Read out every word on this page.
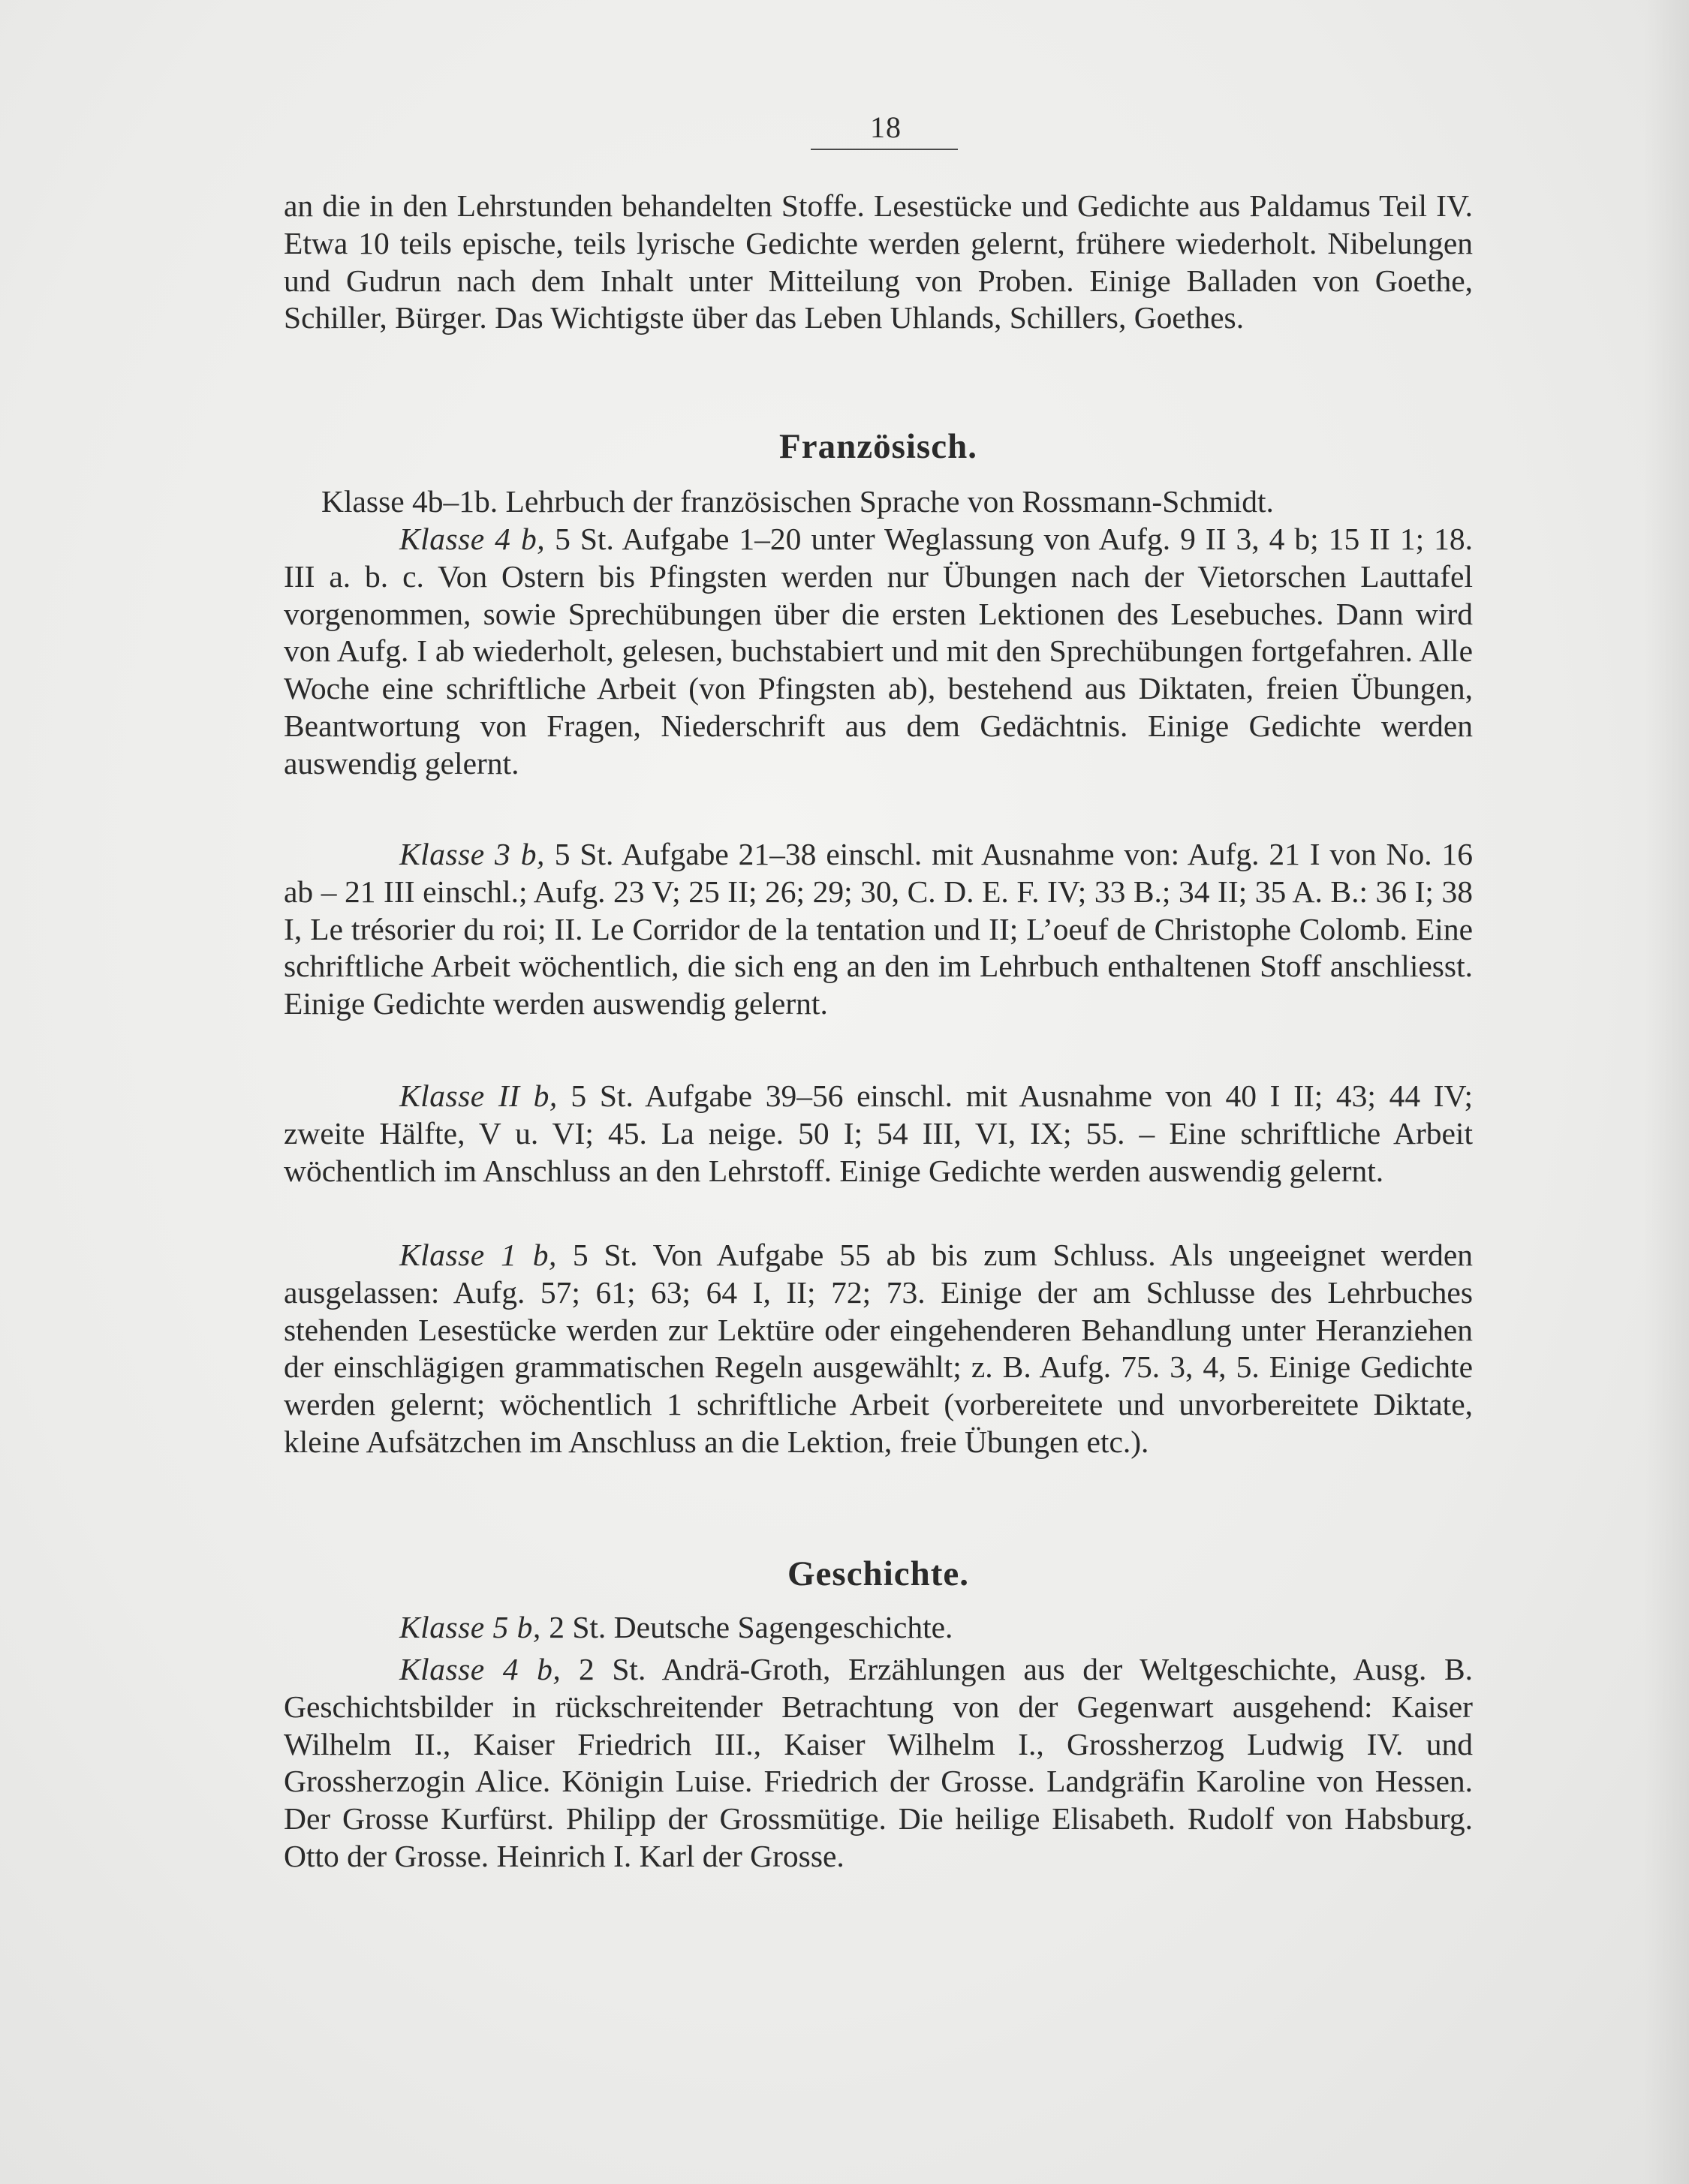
18

an die in den Lehrstunden behandelten Stoffe. Lesestücke und Gedichte aus Paldamus Teil IV. Etwa 10 teils epische, teils lyrische Gedichte werden gelernt, frühere wiederholt. Nibelungen und Gudrun nach dem Inhalt unter Mitteilung von Proben. Einige Balladen von Goethe, Schiller, Bürger. Das Wichtigste über das Leben Uhlands, Schillers, Goethes.

Französisch.

Klasse 4b–1b. Lehrbuch der französischen Sprache von Rossmann-Schmidt.

Klasse 4 b, 5 St. Aufgabe 1–20 unter Weglassung von Aufg. 9 II 3, 4 b; 15 II 1; 18. III a. b. c. Von Ostern bis Pfingsten werden nur Übungen nach der Vietorschen Lauttafel vorgenommen, sowie Sprechübungen über die ersten Lektionen des Lesebuches. Dann wird von Aufg. I ab wiederholt, gelesen, buchstabiert und mit den Sprechübungen fortgefahren. Alle Woche eine schriftliche Arbeit (von Pfingsten ab), bestehend aus Diktaten, freien Übungen, Beantwortung von Fragen, Niederschrift aus dem Gedächtnis. Einige Gedichte werden auswendig gelernt.

Klasse 3 b, 5 St. Aufgabe 21–38 einschl. mit Ausnahme von: Aufg. 21 I von No. 16 ab – 21 III einschl.; Aufg. 23 V; 25 II; 26; 29; 30, C. D. E. F. IV; 33 B.; 34 II; 35 A. B.: 36 I; 38 I, Le trésorier du roi; II. Le Corridor de la tentation und II; L’oeuf de Christophe Colomb. Eine schriftliche Arbeit wöchentlich, die sich eng an den im Lehrbuch enthaltenen Stoff anschliesst. Einige Gedichte werden auswendig gelernt.

Klasse II b, 5 St. Aufgabe 39–56 einschl. mit Ausnahme von 40 I II; 43; 44 IV; zweite Hälfte, V u. VI; 45. La neige. 50 I; 54 III, VI, IX; 55. – Eine schriftliche Arbeit wöchentlich im Anschluss an den Lehrstoff. Einige Gedichte werden auswendig gelernt.

Klasse 1 b, 5 St. Von Aufgabe 55 ab bis zum Schluss. Als ungeeignet werden ausgelassen: Aufg. 57; 61; 63; 64 I, II; 72; 73. Einige der am Schlusse des Lehrbuches stehenden Lesestücke werden zur Lektüre oder eingehenderen Behandlung unter Heranziehen der einschlägigen grammatischen Regeln ausgewählt; z. B. Aufg. 75. 3, 4, 5. Einige Gedichte werden gelernt; wöchentlich 1 schriftliche Arbeit (vorbereitete und unvorbereitete Diktate, kleine Aufsätzchen im Anschluss an die Lektion, freie Übungen etc.).

Geschichte.

Klasse 5 b, 2 St. Deutsche Sagengeschichte.

Klasse 4 b, 2 St. Andrä-Groth, Erzählungen aus der Weltgeschichte, Ausg. B. Geschichtsbilder in rückschreitender Betrachtung von der Gegenwart ausgehend: Kaiser Wilhelm II., Kaiser Friedrich III., Kaiser Wilhelm I., Grossherzog Ludwig IV. und Grossherzogin Alice. Königin Luise. Friedrich der Grosse. Landgräfin Karoline von Hessen. Der Grosse Kurfürst. Philipp der Grossmütige. Die heilige Elisabeth. Rudolf von Habsburg. Otto der Grosse. Heinrich I. Karl der Grosse.
